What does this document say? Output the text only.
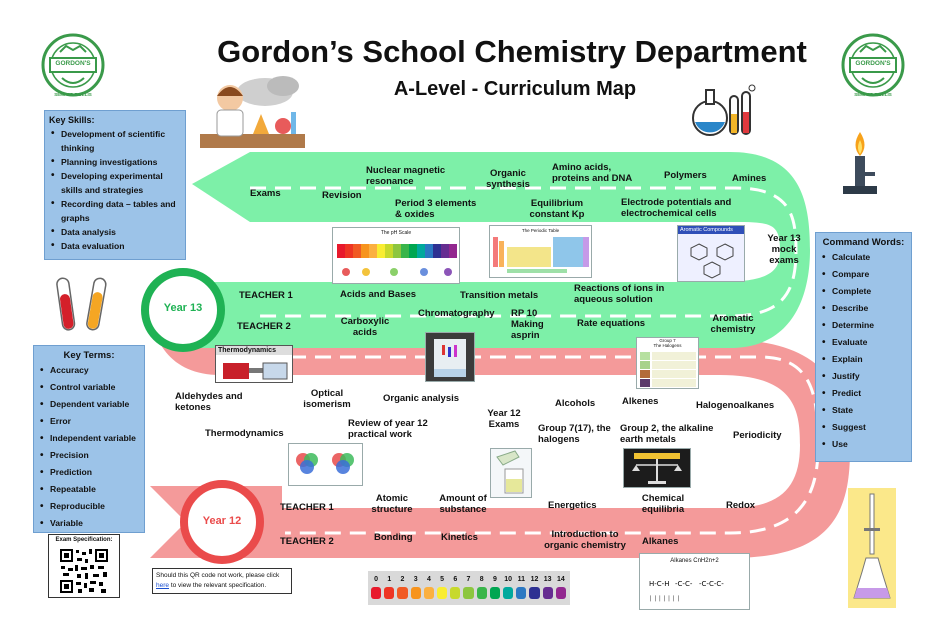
GORDON'S
SEMPER FIDELIS
GORDON'S
SEMPER FIDELIS
Gordon’s School Chemistry Department
A-Level - Curriculum Map
Key Skills:
• Development of scientific thinking
• Planning investigations
• Developing experimental skills and strategies
• Recording data – tables and graphs
• Data analysis
• Data evaluation
Key Terms:
• Accuracy
• Control variable
• Dependent variable
• Error
• Independent variable
• Precision
• Prediction
• Repeatable
• Reproducible
• Variable
Command Words:
• Calculate
• Compare
• Complete
• Describe
• Determine
• Evaluate
• Explain
• Justify
• Predict
• State
• Suggest
• Use
Exam Specification:
Should this QR code not work, please click here to view the relevant specification.
0	1	2	3	4	5	6	7	8	9	10 11 12 13 14
Year 13
Year 12
The pH Scale	The Periodic Table	Aromatic Compounds
Thermodynamics
Group 7
The Halogens
Alkanes CnH2n+2
H-C-H -C-C- -C-C-C-
│ │ │ │ │ │ │
Exams	Revision
Nuclear magnetic resonance
Organic synthesis
Amino acids, proteins and DNA	Polymers	Amines
Period 3 elements & oxides
Equilibrium constant Kp
Electrode potentials and electrochemical cells
Year 13 mock exams
TEACHER 1	Acids and Bases	Transition metals
Reactions of ions in aqueous solution
TEACHER 2	Carboxylic acids
Chromatography RP 10 Making asprin
Rate equations	Aromatic chemistry
Aldehydes and ketones
Optical isomerism
Organic analysis	Alcohols	Alkenes	Halogenoalkanes
Thermodynamics
Review of year 12 practical work
Year 12 Exams	Group 7(17), the halogens
Group 2, the alkaline earth metals	Periodicity
TEACHER 1
Atomic structure
Amount of substance	Energetics
Chemical equilibria	Redox
TEACHER 2	Bonding	Kinetics	Introduction to organic chemistry	Alkanes
